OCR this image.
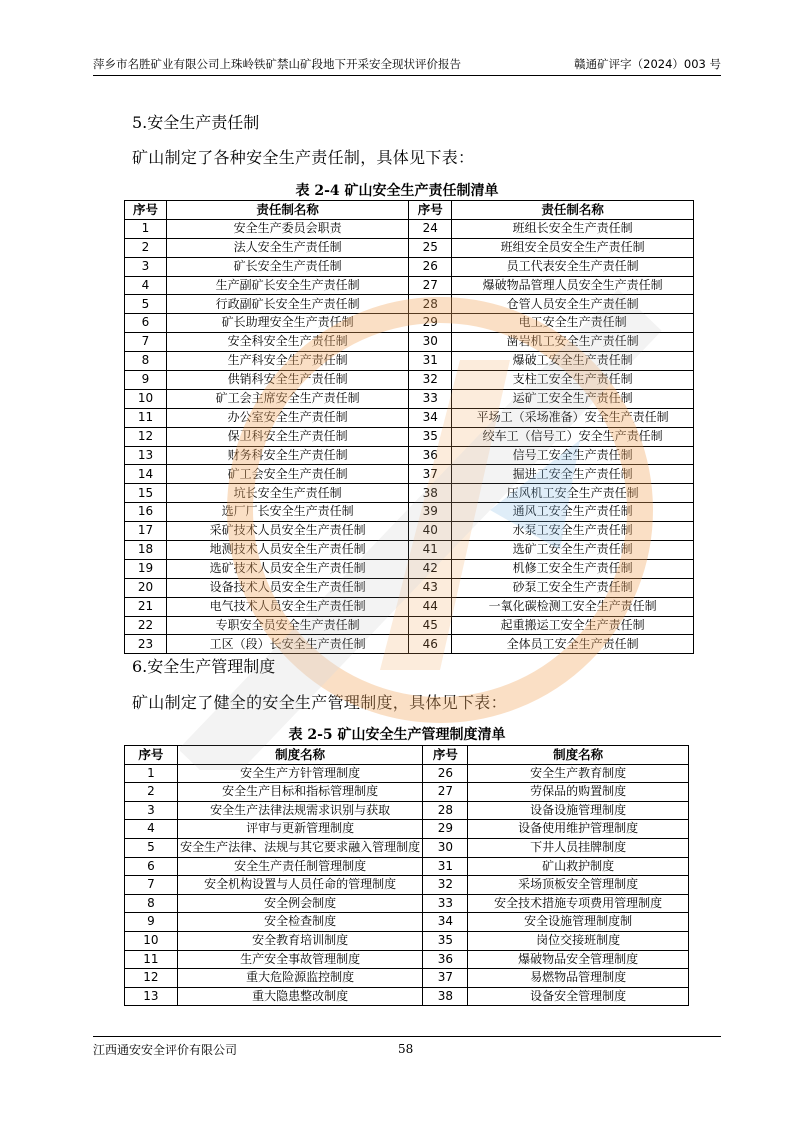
萍乡市名胜矿业有限公司上珠岭铁矿禁山矿段地下开采安全现状评价报告	赣通矿评字（2024）003 号
5.安全生产责任制
矿山制定了各种安全生产责任制，具体见下表：
表 2-4 矿山安全生产责任制清单
序号	责任制名称	序号	责任制名称
1	安全生产委员会职责	24	班组长安全生产责任制
2	法人安全生产责任制	25	班组安全员安全生产责任制
3	矿长安全生产责任制	26	员工代表安全生产责任制
4	生产副矿长安全生产责任制	27	爆破物品管理人员安全生产责任制
5	行政副矿长安全生产责任制	28	仓管人员安全生产责任制
6	矿长助理安全生产责任制	29	电工安全生产责任制
7	安全科安全生产责任制	30	凿岩机工安全生产责任制
8	生产科安全生产责任制	31	爆破工安全生产责任制
9	供销科安全生产责任制	32	支柱工安全生产责任制
10	矿工会主席安全生产责任制	33	运矿工安全生产责任制
11	办公室安全生产责任制	34	平场工（采场准备）安全生产责任制
12	保卫科安全生产责任制	35	绞车工（信号工）安全生产责任制
13	财务科安全生产责任制	36	信号工安全生产责任制
14	矿工会安全生产责任制	37	掘进工安全生产责任制
15	坑长安全生产责任制	38	压风机工安全生产责任制
16	选厂厂长安全生产责任制	39	通风工安全生产责任制
17	采矿技术人员安全生产责任制	40	水泵工安全生产责任制
18	地测技术人员安全生产责任制	41	选矿工安全生产责任制
19	选矿技术人员安全生产责任制	42	机修工安全生产责任制
20	设备技术人员安全生产责任制	43	砂泵工安全生产责任制
21	电气技术人员安全生产责任制	44	一氧化碳检测工安全生产责任制
22	专职安全员安全生产责任制	45	起重搬运工安全生产责任制
23	工区（段）长安全生产责任制	46	全体员工安全生产责任制
6.安全生产管理制度
矿山制定了健全的安全生产管理制度，具体见下表：
表 2-5 矿山安全生产管理制度清单
序号	制度名称	序号	制度名称
1	安全生产方针管理制度	26	安全生产教育制度
2	安全生产目标和指标管理制度	27	劳保品的购置制度
3	安全生产法律法规需求识别与获取	28	设备设施管理制度
4	评审与更新管理制度	29	设备使用维护管理制度
5	安全生产法律、法规与其它要求融入管理制度	30	下井人员挂牌制度
6	安全生产责任制管理制度	31	矿山救护制度
7	安全机构设置与人员任命的管理制度	32	采场顶板安全管理制度
8	安全例会制度	33	安全技术措施专项费用管理制度
9	安全检查制度	34	安全设施管理制度制
10	安全教育培训制度	35	岗位交接班制度
11	生产安全事故管理制度	36	爆破物品安全管理制度
12	重大危险源监控制度	37	易燃物品管理制度
13	重大隐患整改制度	38	设备安全管理制度
江西通安安全评价有限公司	58
